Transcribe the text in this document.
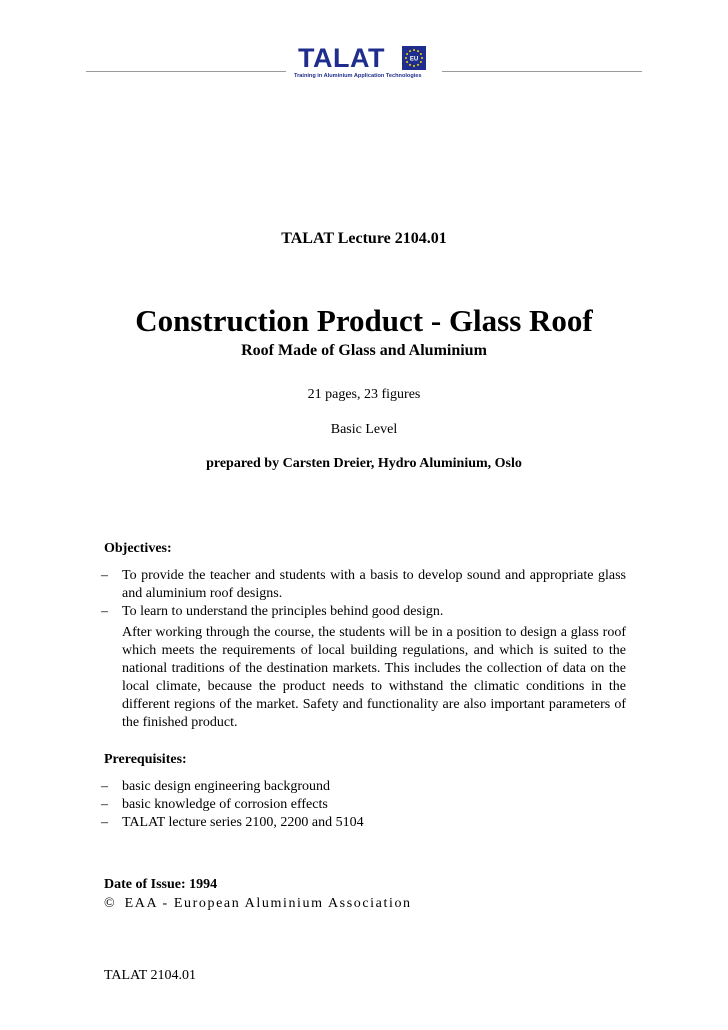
TALAT	EU
Training in Aluminium Application Technologies
TALAT Lecture 2104.01
Construction Product - Glass Roof
Roof Made of Glass and Aluminium
21 pages, 23 figures
Basic Level
prepared by Carsten Dreier, Hydro Aluminium, Oslo
Objectives:
– To provide the teacher and students with a basis to develop sound and appropriate glass and aluminium roof designs.
– To learn to understand the principles behind good design.
After working through the course, the students will be in a position to design a glass roof which meets the requirements of local building regulations, and which is suited to the national traditions of the destination markets. This includes the collection of data on the local climate, because the product needs to withstand the climatic conditions in the different regions of the market. Safety and functionality are also important parameters of the finished product.
Prerequisites:
– basic design engineering background
– basic knowledge of corrosion effects
– TALAT lecture series 2100, 2200 and 5104
Date of Issue: 1994
© EAA - European Aluminium Association
TALAT 2104.01
